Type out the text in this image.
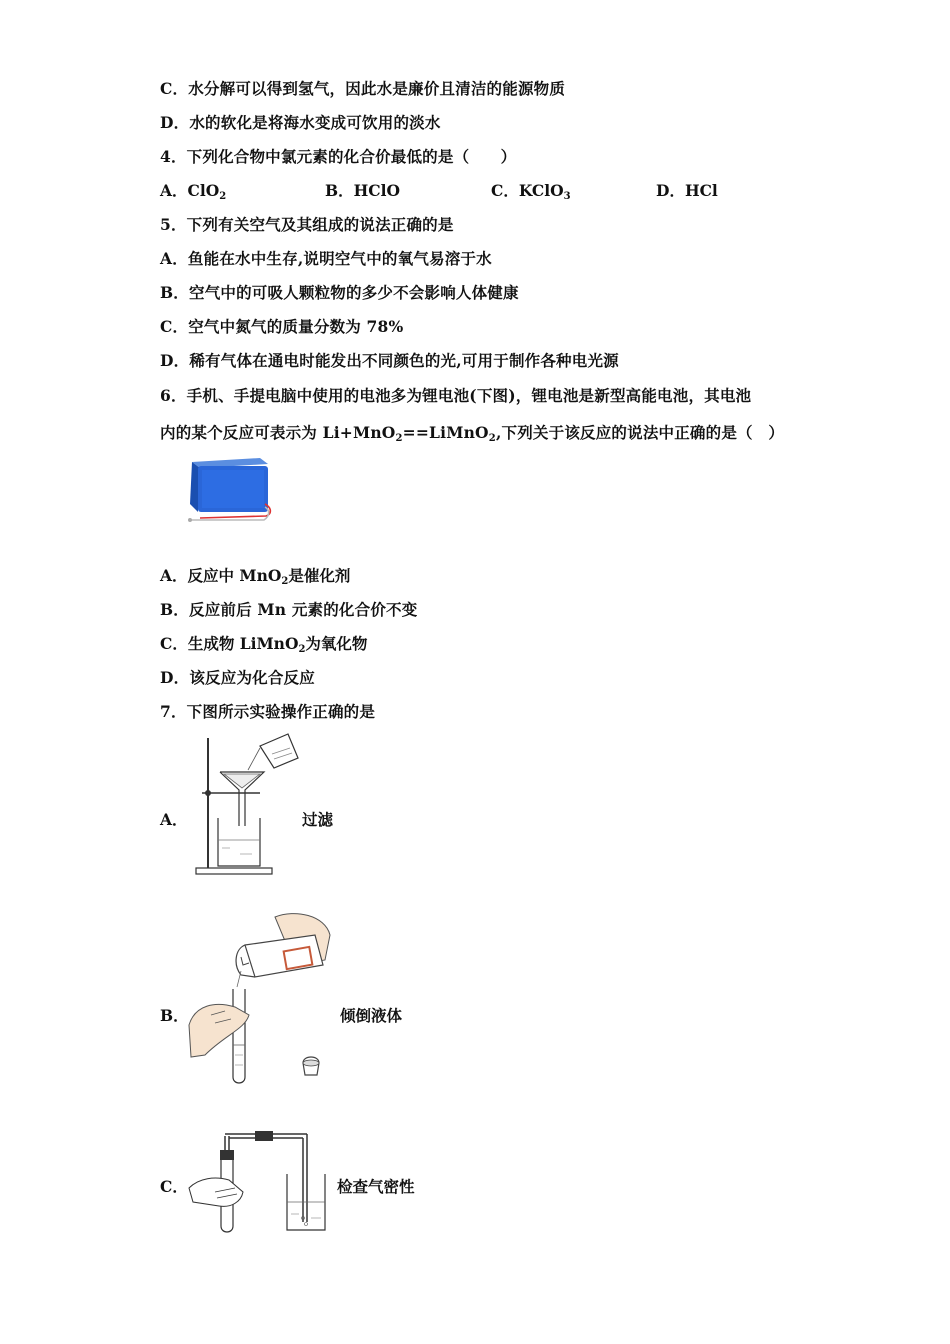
C．水分解可以得到氢气，因此水是廉价且清洁的能源物质
D．水的软化是将海水变成可饮用的淡水
4．下列化合物中氯元素的化合价最低的是（　　）
A．ClO$_2$	B．HClO	C．KClO$_3$	D．HCl
5．下列有关空气及其组成的说法正确的是
A．鱼能在水中生存,说明空气中的氧气易溶于水
B．空气中的可吸人颗粒物的多少不会影响人体健康
C．空气中氮气的质量分数为 78%
D．稀有气体在通电时能发出不同颜色的光,可用于制作各种电光源
6．手机、手提电脑中使用的电池多为锂电池(下图)，锂电池是新型高能电池，其电池
内的某个反应可表示为 Li+MnO$_2$==LiMnO$_2$,下列关于该反应的说法中正确的是（　）
A．反应中 MnO$_2$是催化剂
B．反应前后 Mn 元素的化合价不变
C．生成物 LiMnO$_2$为氧化物
D．该反应为化合反应
7．下图所示实验操作正确的是
A．	过滤
B．	倾倒液体
C．	检查气密性
